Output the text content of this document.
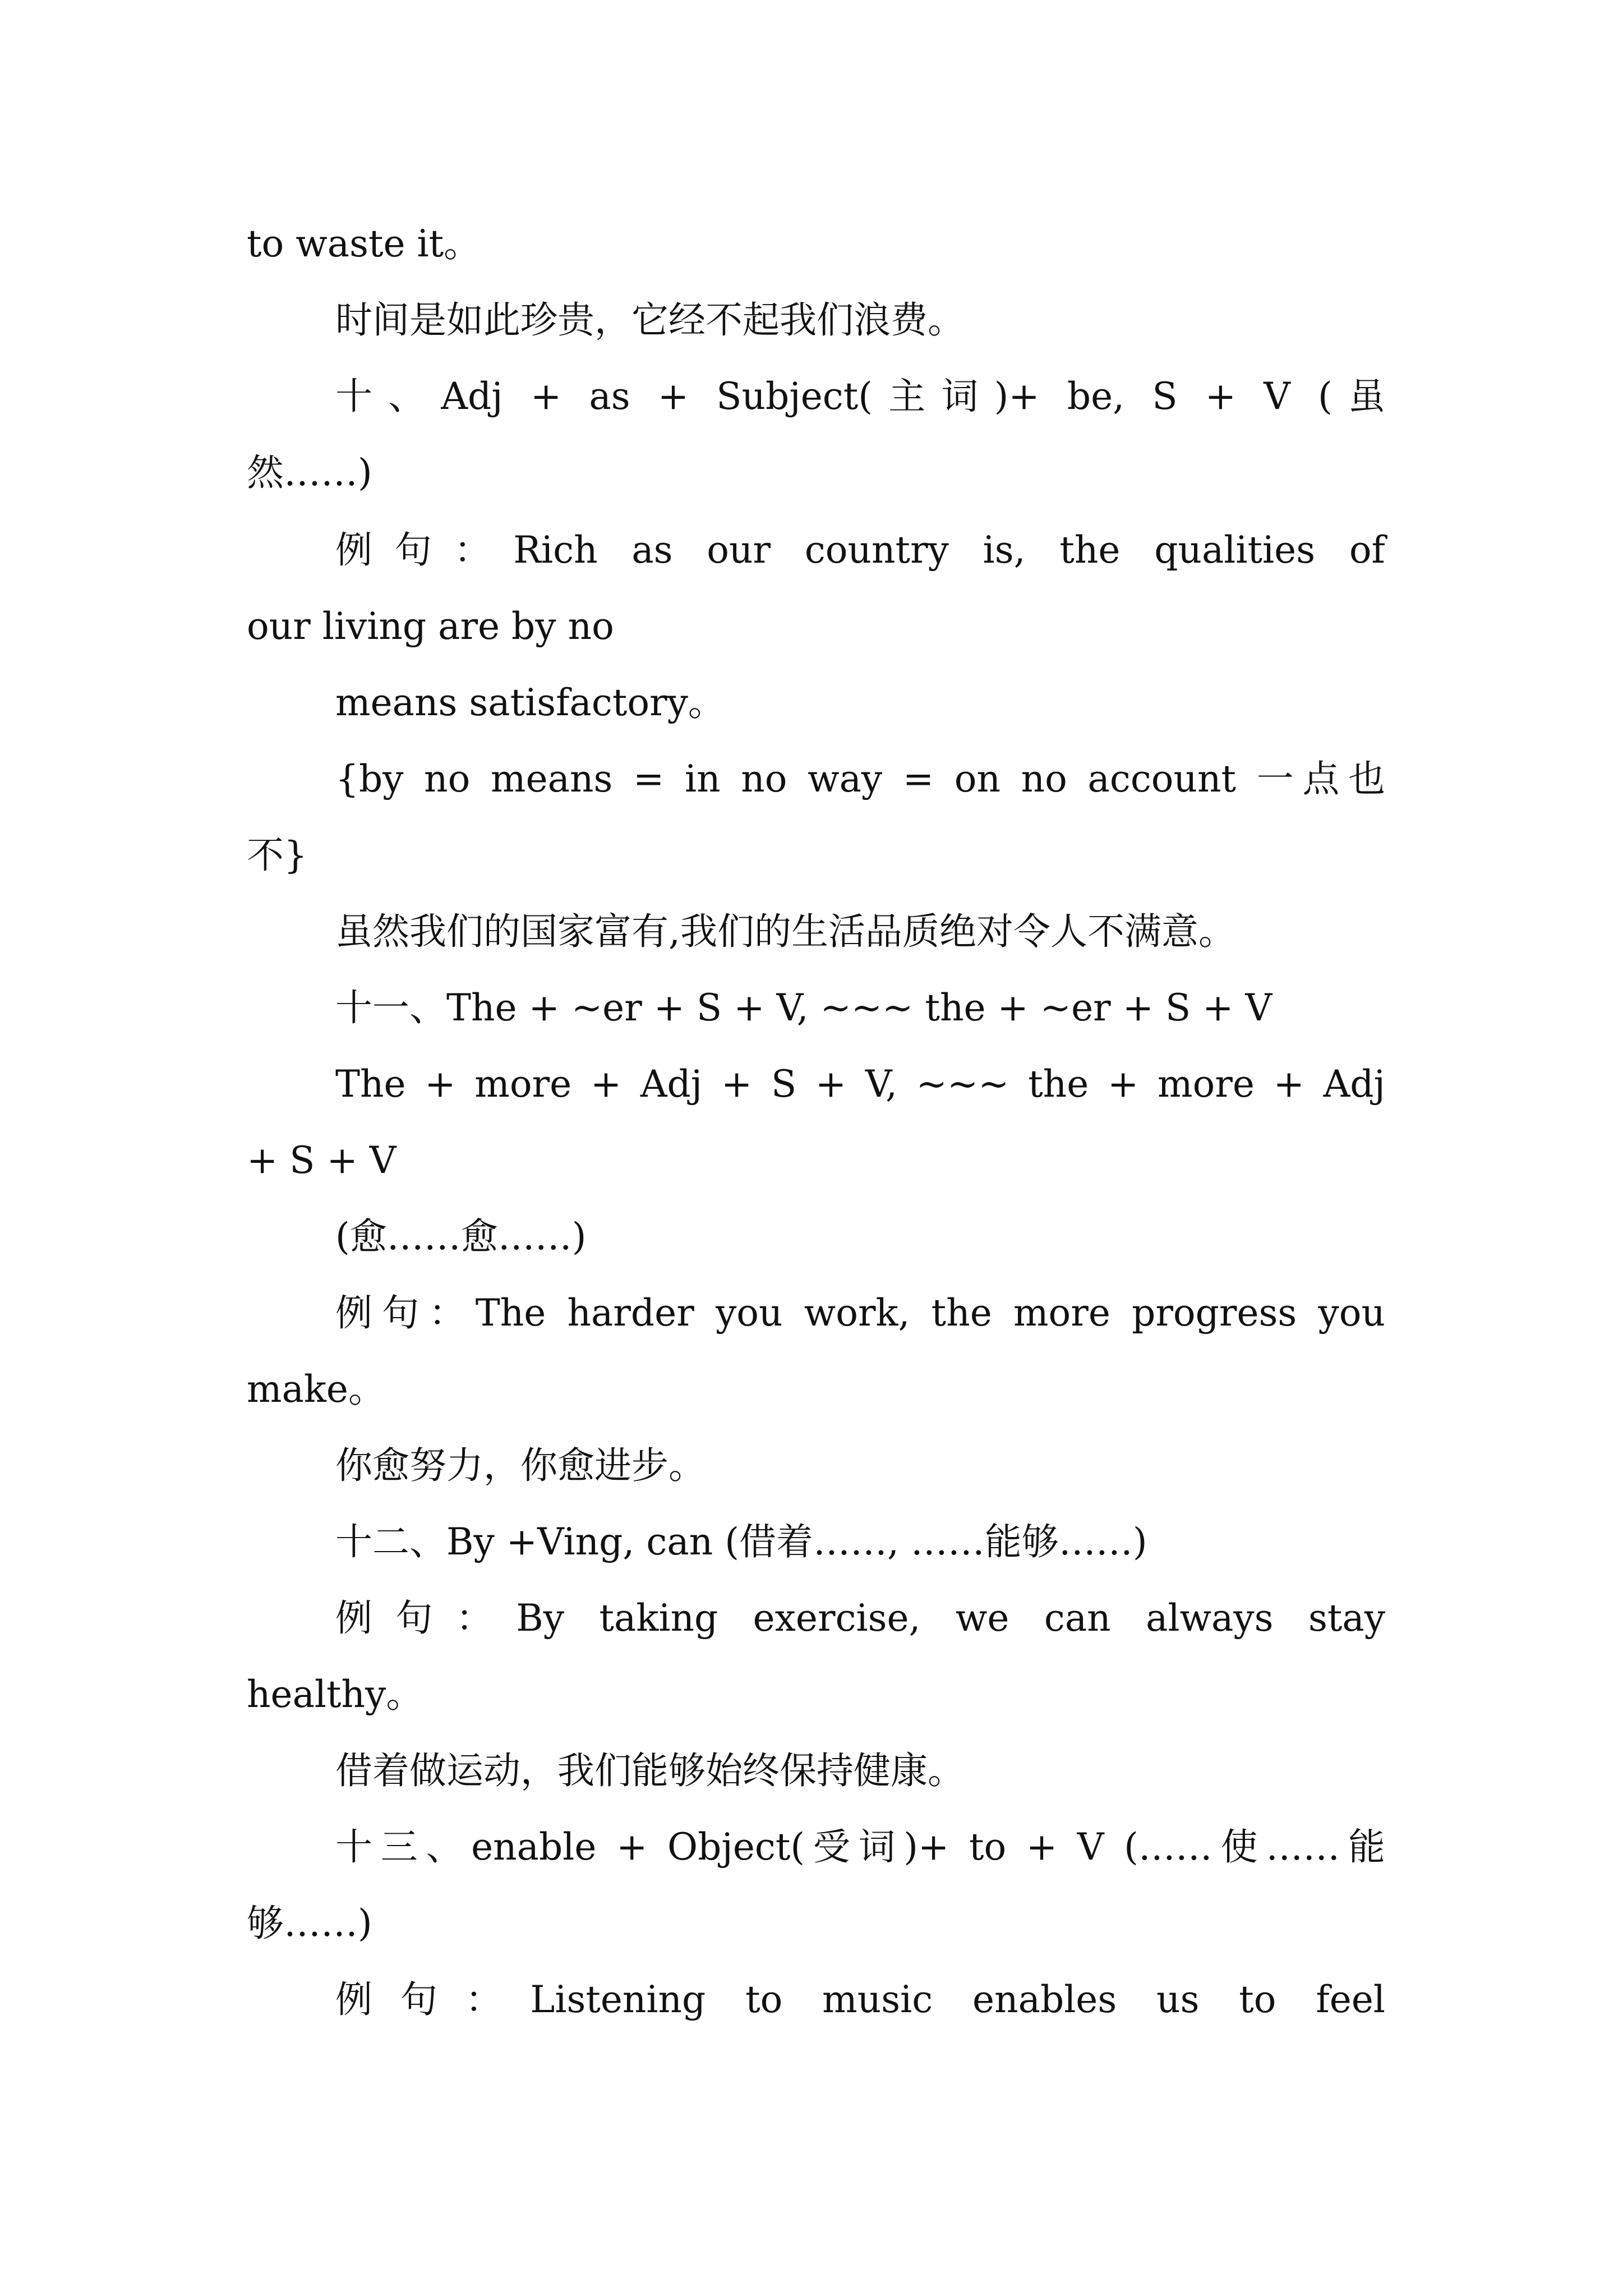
to waste it。
时间是如此珍贵，它经不起我们浪费。
十、Adj + as + Subject(主词)+ be, S + V (虽
然……)
例句：Rich as our country is, the qualities of
our living are by no
means satisfactory。
{by no means = in no way = on no account 一点也
不}
虽然我们的国家富有,我们的生活品质绝对令人不满意。
十一、The + ~er + S + V, ~~~ the + ~er + S + V
The + more + Adj + S + V, ~~~ the + more + Adj
+ S + V
(愈……愈……)
例句：The harder you work, the more progress you
make。
你愈努力，你愈进步。
十二、By +Ving, can (借着……, ……能够……)
例句：By taking exercise, we can always stay
healthy。
借着做运动，我们能够始终保持健康。
十三、enable + Object(受词)+ to + V (……使……能
够……)
例句：Listening to music enables us to feel
